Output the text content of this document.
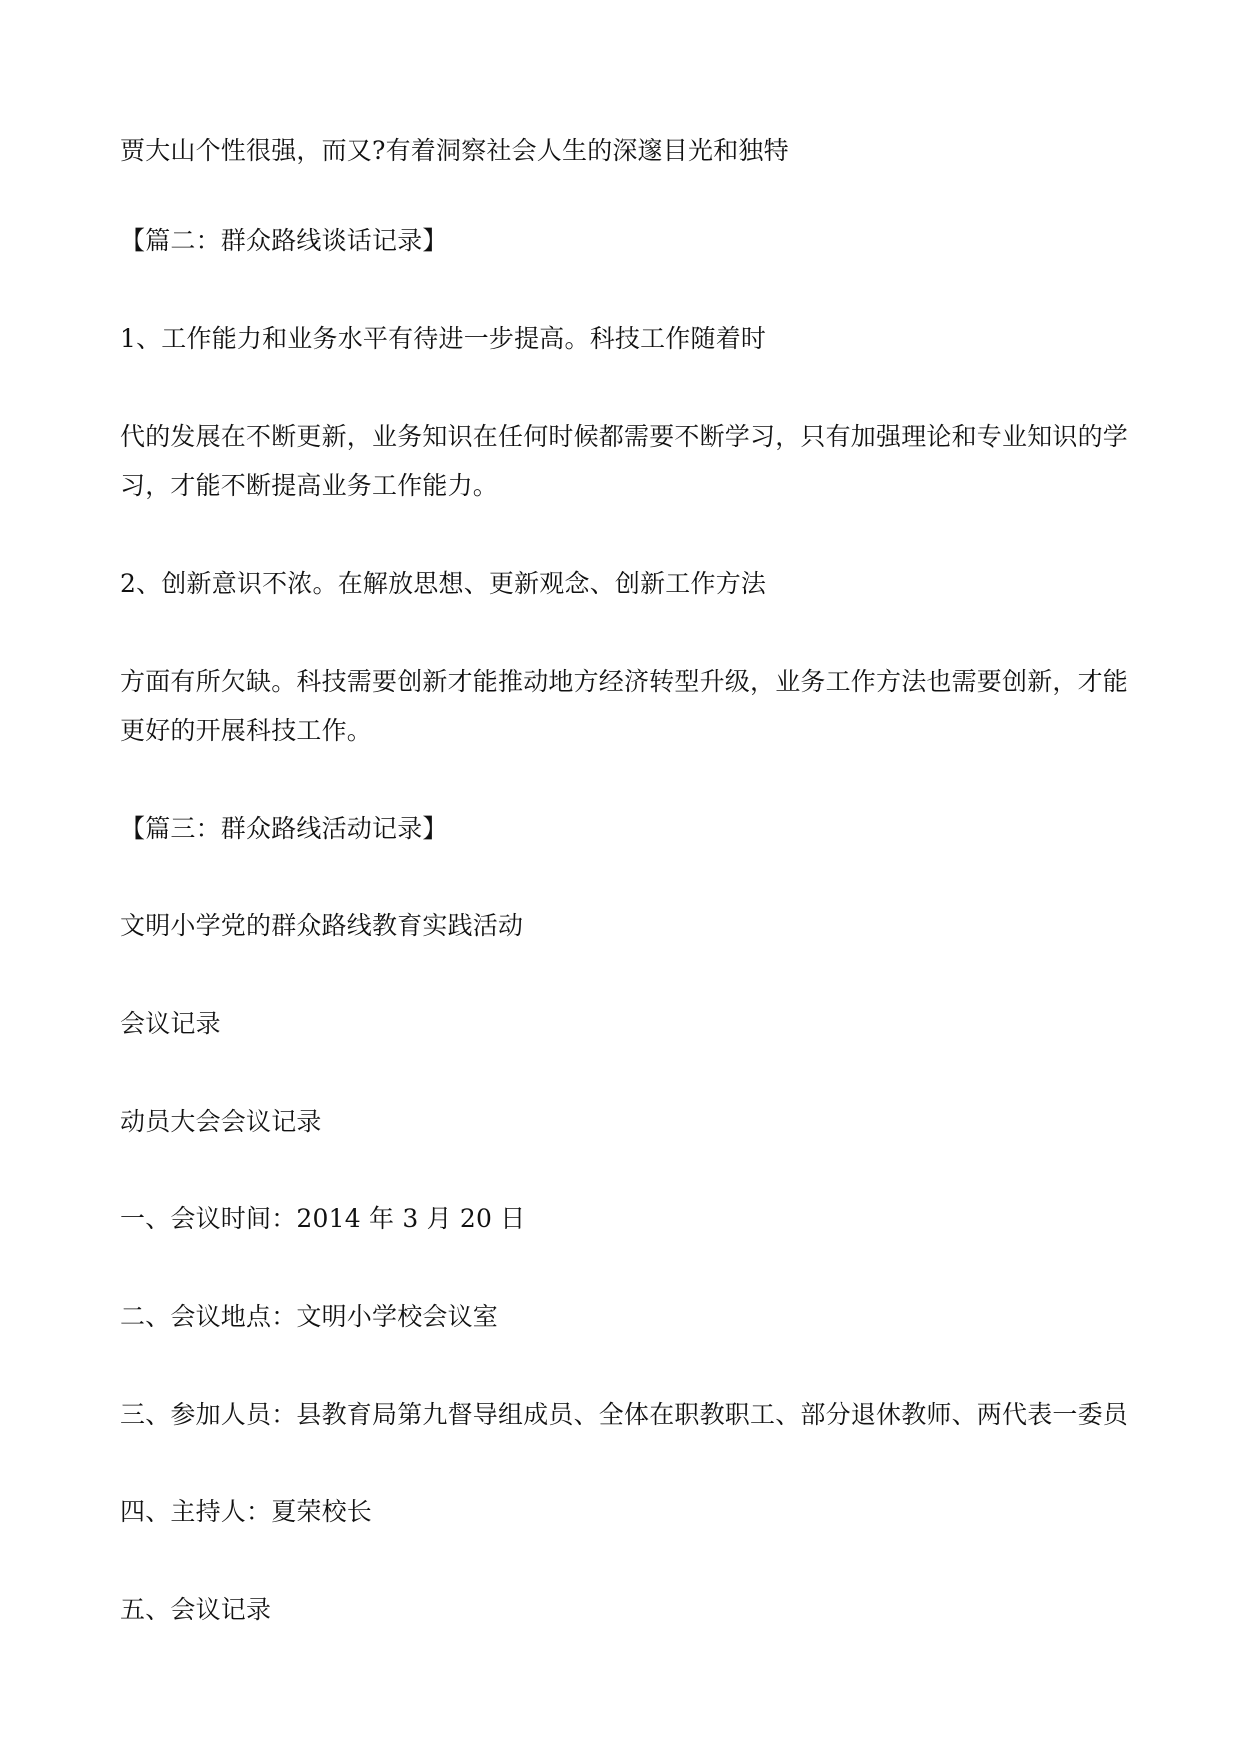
贾大山个性很强，而又?有着洞察社会人生的深邃目光和独特
【篇二：群众路线谈话记录】
1、工作能力和业务水平有待进一步提高。科技工作随着时
代的发展在不断更新，业务知识在任何时候都需要不断学习，只有加强理论和专业知识的学习，才能不断提高业务工作能力。
2、创新意识不浓。在解放思想、更新观念、创新工作方法
方面有所欠缺。科技需要创新才能推动地方经济转型升级，业务工作方法也需要创新，才能更好的开展科技工作。
【篇三：群众路线活动记录】
文明小学党的群众路线教育实践活动
会议记录
动员大会会议记录
一、会议时间：2014 年 3 月 20 日
二、会议地点：文明小学校会议室
三、参加人员：县教育局第九督导组成员、全体在职教职工、部分退休教师、两代表一委员
四、主持人：夏荣校长
五、会议记录
